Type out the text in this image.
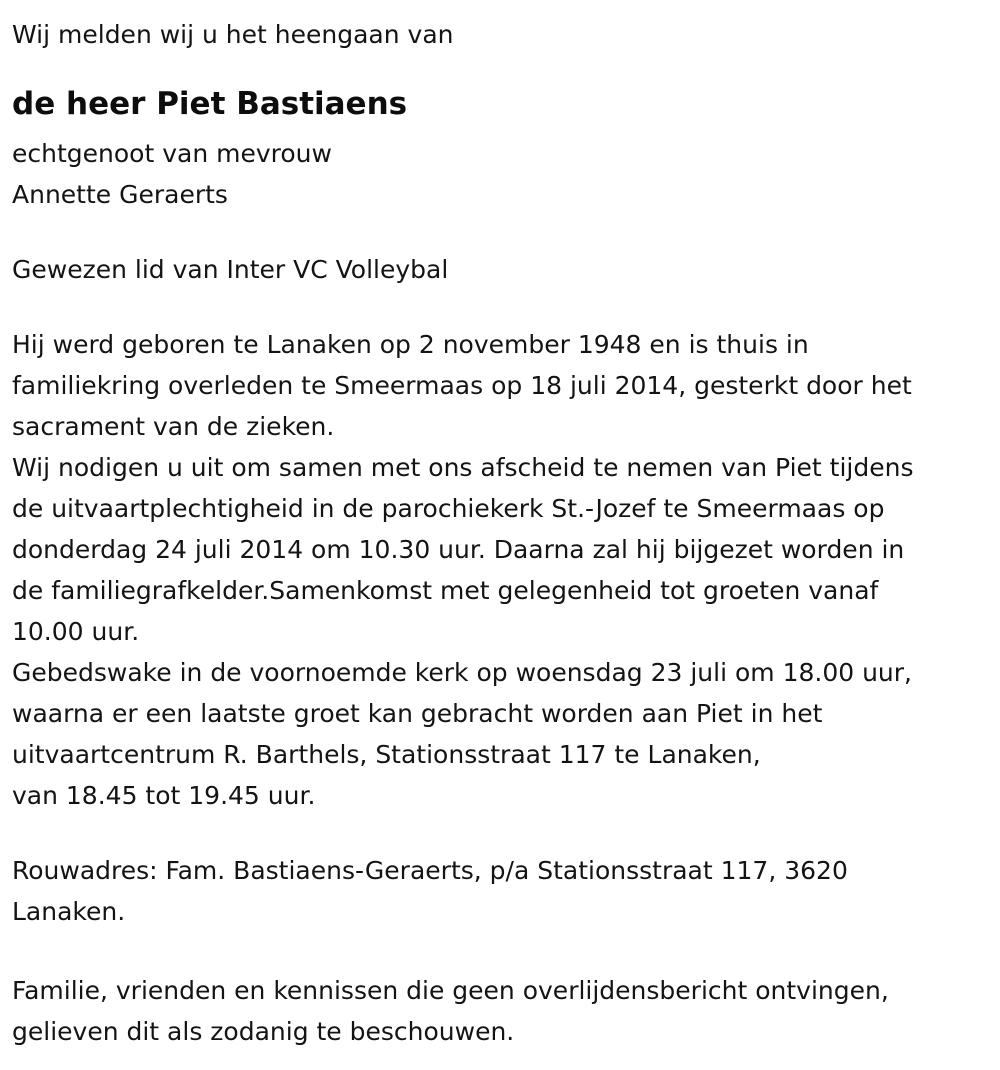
Wij melden wij u het heengaan van
de heer Piet Bastiaens
echtgenoot van mevrouw
Annette Geraerts
Gewezen lid van Inter VC Volleybal

Hij werd geboren te Lanaken op 2 november 1948 en is thuis in

familiekring overleden te Smeermaas op 18 juli 2014, gesterkt door het

sacrament van de zieken.

Wij nodigen u uit om samen met ons afscheid te nemen van Piet tijdens

de uitvaartplechtigheid in de parochiekerk St.-Jozef te Smeermaas op

donderdag 24 juli 2014 om 10.30 uur. Daarna zal hij bijgezet worden in

de familiegrafkelder.Samenkomst met gelegenheid tot groeten vanaf

10.00 uur.

Gebedswake in de voornoemde kerk op woensdag 23 juli om 18.00 uur,

waarna er een laatste groet kan gebracht worden aan Piet in het

uitvaartcentrum R. Barthels, Stationsstraat 117 te Lanaken,

van 18.45 tot 19.45 uur.

Rouwadres: Fam. Bastiaens-Geraerts, p/a Stationsstraat 117, 3620

Lanaken.

Familie, vrienden en kennissen die geen overlijdensbericht ontvingen,

gelieven dit als zodanig te beschouwen.
